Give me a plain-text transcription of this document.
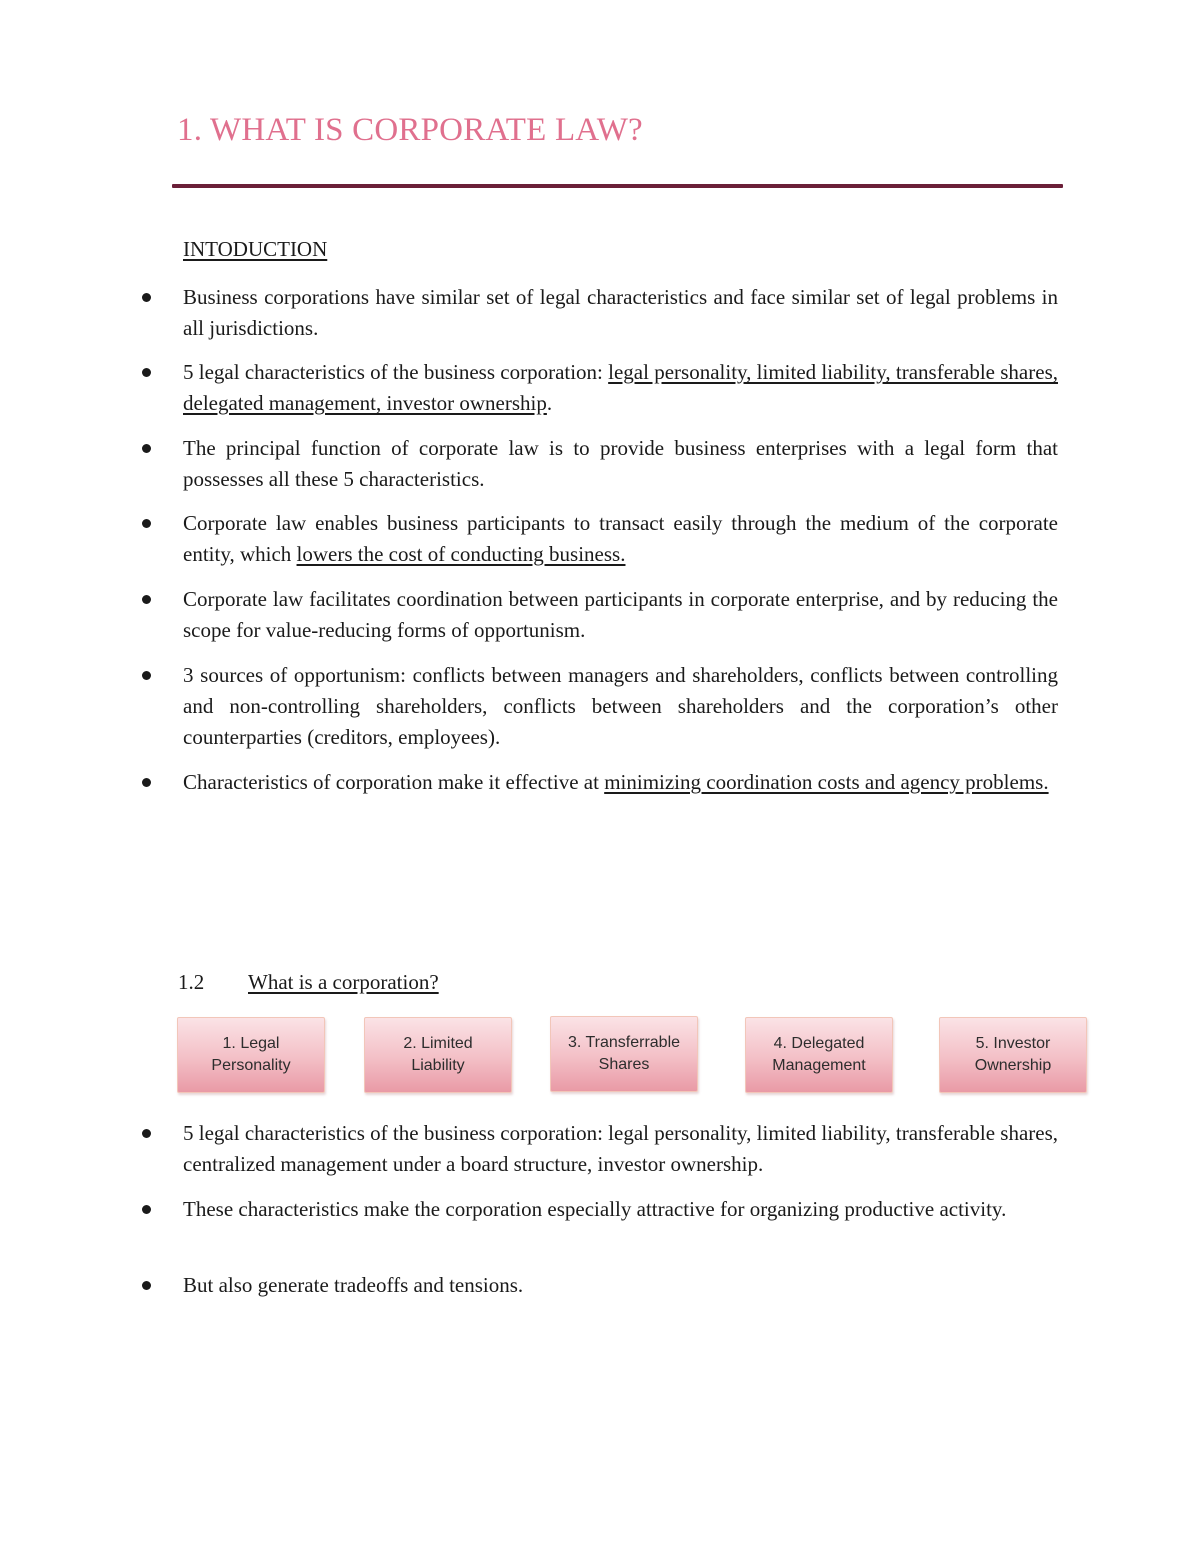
1. WHAT IS CORPORATE LAW?
INTODUCTION

Business corporations have similar set of legal characteristics and face similar set of legal problems in all jurisdictions.

5 legal characteristics of the business corporation: legal personality, limited liability, transferable shares, delegated management, investor ownership.

The principal function of corporate law is to provide business enterprises with a legal form that possesses all these 5 characteristics.

Corporate law enables business participants to transact easily through the medium of the corporate entity, which lowers the cost of conducting business.

Corporate law facilitates coordination between participants in corporate enterprise, and by reducing the scope for value-reducing forms of opportunism.

3 sources of opportunism: conflicts between managers and shareholders, conflicts between controlling and non-controlling shareholders, conflicts between shareholders and the corporation’s other counterparties (creditors, employees).

Characteristics of corporation make it effective at minimizing coordination costs and agency problems.

1.2 What is a corporation?
1. Legal
Personality
2. Limited
Liability
3. Transferrable
Shares
4. Delegated
Management
5. Investor
Ownership

5 legal characteristics of the business corporation: legal personality, limited liability, transferable shares, centralized management under a board structure, investor ownership.

These characteristics make the corporation especially attractive for organizing productive activity.

But also generate tradeoffs and tensions.
